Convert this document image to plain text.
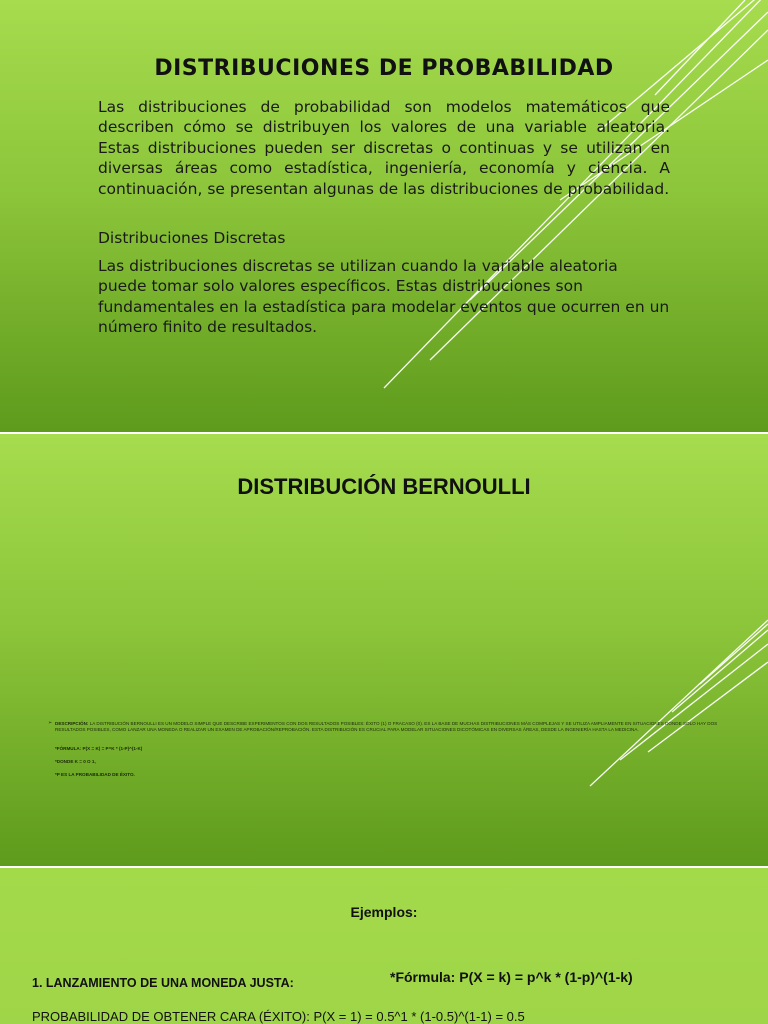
DISTRIBUCIONES DE PROBABILIDAD
Las distribuciones de probabilidad son modelos matemáticos que describen cómo se distribuyen los valores de una variable aleatoria. Estas distribuciones pueden ser discretas o continuas y se utilizan en diversas áreas como estadística, ingeniería, economía y ciencia. A continuación, se presentan algunas de las distribuciones de probabilidad.
Distribuciones Discretas
Las distribuciones discretas se utilizan cuando la variable aleatoria puede tomar solo valores específicos. Estas distribuciones son fundamentales en la estadística para modelar eventos que ocurren en un número finito de resultados.
DISTRIBUCIÓN BERNOULLI
➢ DESCRIPCIÓN: LA DISTRIBUCIÓN BERNOULLI ES UN MODELO SIMPLE QUE DESCRIBE EXPERIMENTOS CON DOS RESULTADOS POSIBLES: ÉXITO (1) O FRACASO (0). ES LA BASE DE MUCHAS DISTRIBUCIONES MÁS COMPLEJAS Y SE UTILIZA AMPLIAMENTE EN SITUACIONES DONDE SOLO HAY DOS RESULTADOS POSIBLES, COMO LANZAR UNA MONEDA O REALIZAR UN EXAMEN DE APROBACIÓN/REPROBACIÓN. ESTA DISTRIBUCIÓN ES CRUCIAL PARA MODELAR SITUACIONES DICOTÓMICAS EN DIVERSAS ÁREAS, DESDE LA INGENIERÍA HASTA LA MEDICINA.
*FÓRMULA: P(X = K) = P^K * (1-P)^(1-K)
*DONDE K = 0 O 1,
*P ES LA PROBABILIDAD DE ÉXITO.
Ejemplos:
*Fórmula: P(X = k) = p^k * (1-p)^(1-k)
1. LANZAMIENTO DE UNA MONEDA JUSTA:
PROBABILIDAD DE OBTENER CARA (ÉXITO): P(X = 1) = 0.5^1 * (1-0.5)^(1-1) = 0.5
